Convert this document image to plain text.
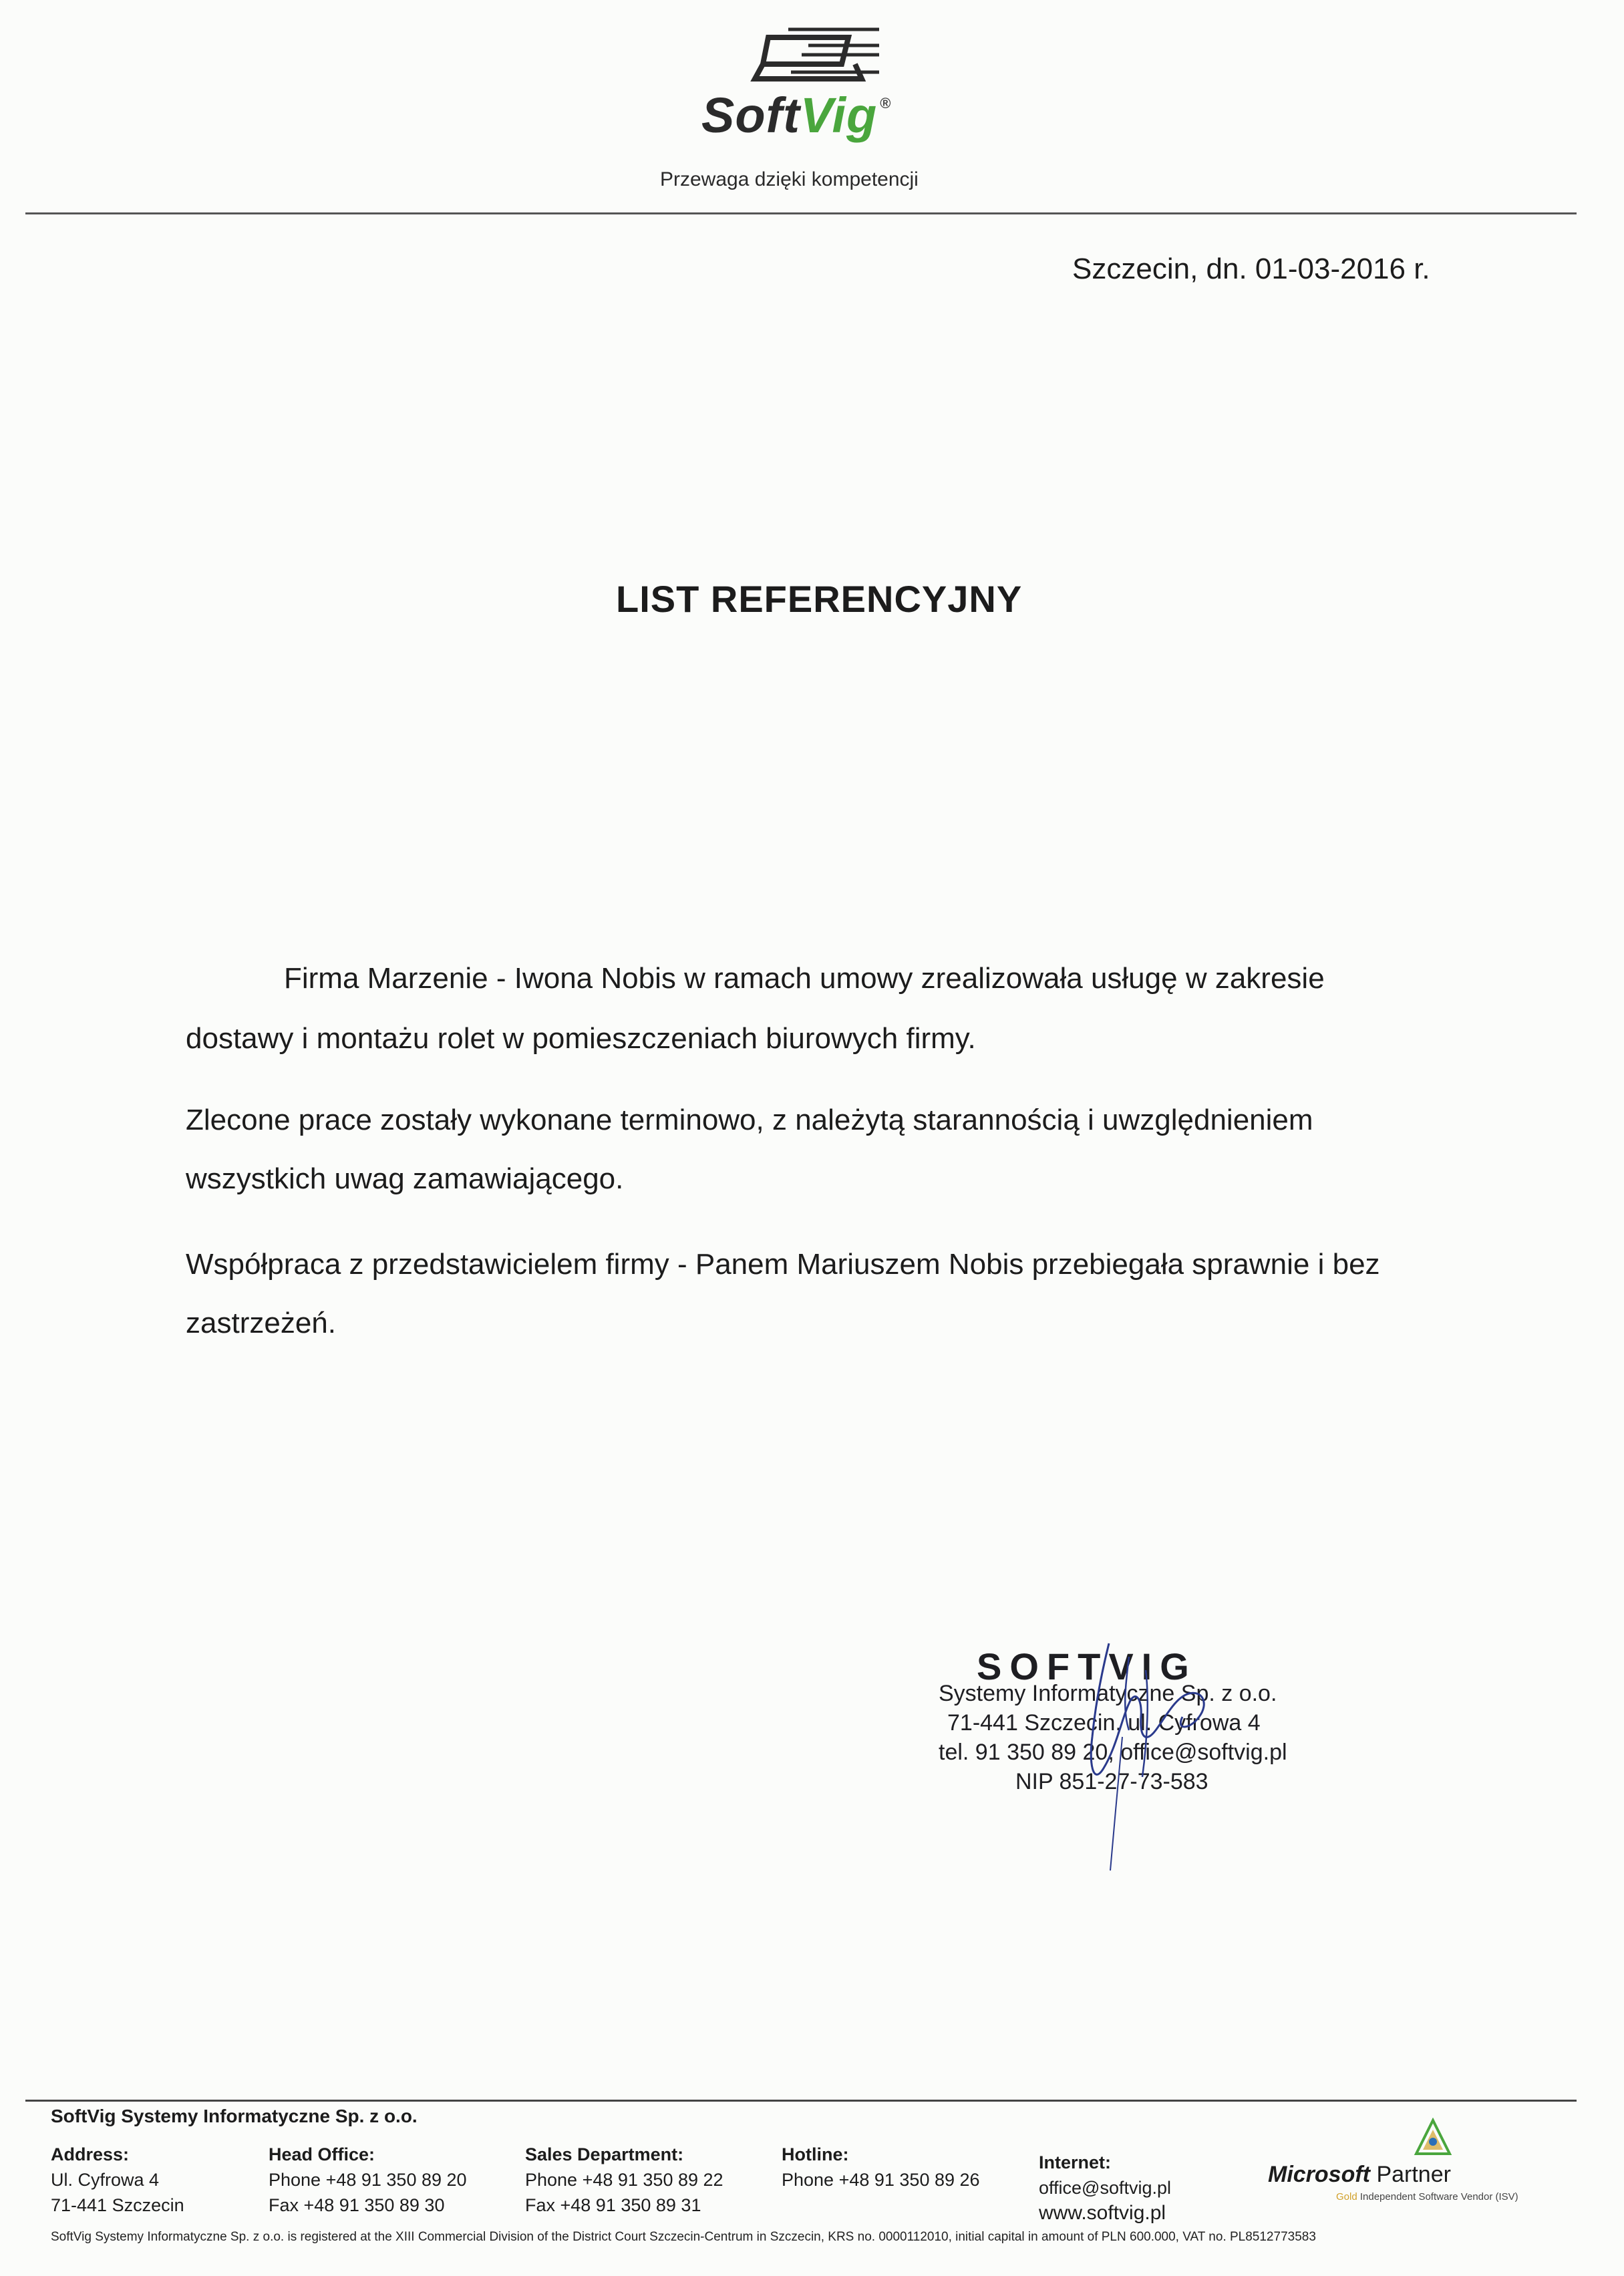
SoftVig ®
Przewaga dzięki kompetencji
Szczecin, dn. 01-03-2016 r.
LIST REFERENCYJNY
Firma Marzenie - Iwona Nobis w ramach umowy zrealizowała usługę w zakresie
dostawy i montażu rolet w pomieszczeniach biurowych firmy.
Zlecone prace zostały wykonane terminowo, z należytą starannością i uwzględnieniem
wszystkich uwag zamawiającego.
Współpraca z przedstawicielem firmy - Panem Mariuszem Nobis przebiegała sprawnie i bez
zastrzeżeń.
SOFTVIG
Systemy Informatyczne Sp. z o.o.
71-441 Szczecin, ul. Cyfrowa 4
tel. 91 350 89 20, office@softvig.pl
NIP 851-27-73-583
SoftVig Systemy Informatyczne Sp. z o.o.
Address:
Ul. Cyfrowa 4
71-441 Szczecin
Head Office:
Phone +48 91 350 89 20
Fax +48 91 350 89 30
Sales Department:
Phone +48 91 350 89 22
Fax +48 91 350 89 31
Hotline:
Phone +48 91 350 89 26
Internet:
office@softvig.pl
www.softvig.pl
Microsoft Partner
Gold Independent Software Vendor (ISV)
SoftVig Systemy Informatyczne Sp. z o.o. is registered at the XIII Commercial Division of the District Court Szczecin-Centrum in Szczecin, KRS no. 0000112010, initial capital in amount of PLN 600.000, VAT no. PL8512773583
